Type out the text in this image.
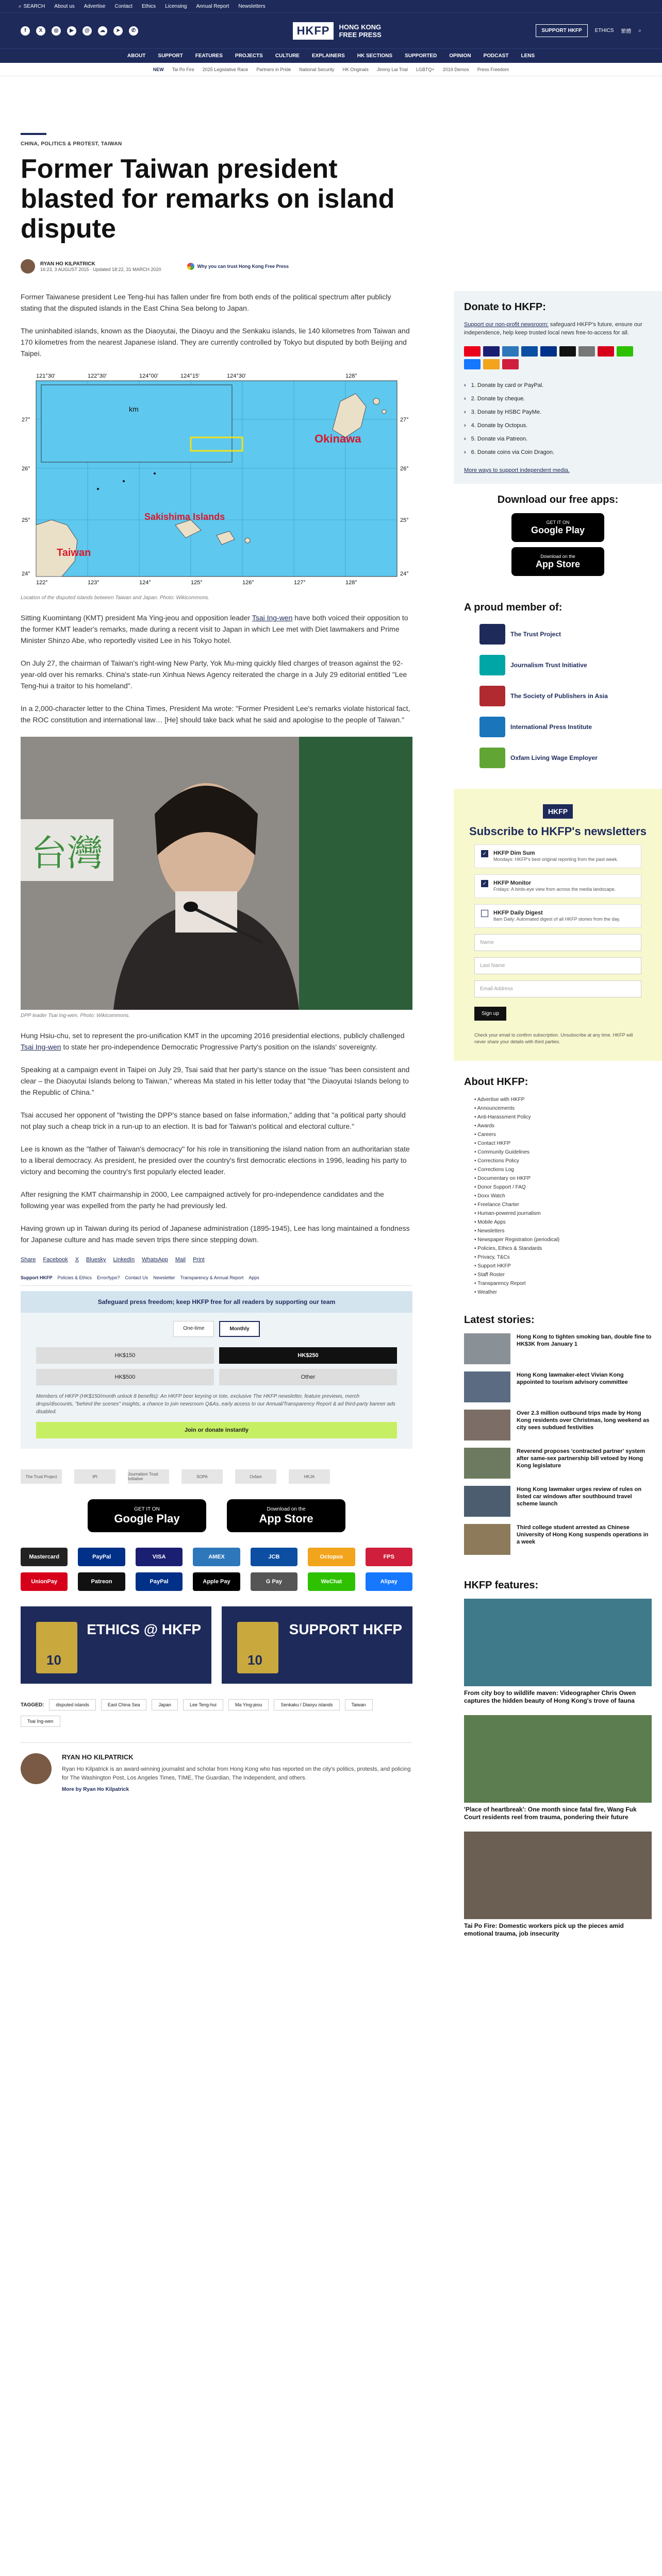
⌕ SEARCH About us Advertise Contact Ethics Licensing Annual Report Newsletters
f	X	◎	▶	@	☁	➤	✆	HKFP	HONG KONG
FREE PRESS	SUPPORT HKFP	ETHICS 繁體 ⌕
ABOUT SUPPORT FEATURES PROJECTS CULTURE EXPLAINERS HK SECTIONS SUPPORTED OPINION PODCAST LENS
NEW Tai Po Fire 2025 Legislative Race Partners in Pride National Security HK Originals Jimmy Lai Trial LGBTQ+ 2019 Demos Press Freedom
CHINA, POLITICS & PROTEST, TAIWAN
Former Taiwan president blasted for remarks on island dispute
RYAN HO KILPATRICK
16:23, 3 AUGUST 2015 · Updated 18:22, 31 MARCH 2020
Why you can trust Hong Kong Free Press

Former Taiwanese president Lee Teng-hui has fallen under fire from both ends of the political spectrum after publicly stating that the disputed islands in the East China Sea belong to Japan.

The uninhabited islands, known as the Diaoyutai, the Diaoyu and the Senkaku islands, lie 140 kilometres from Taiwan and 170 kilometres from the nearest Japanese island. They are currently controlled by Tokyo but disputed by both Beijing and Taipei.

Okinawa
Sakishima Islands
Taiwan
km
122°	123°	124°	125°	126°	127°	128°
121°30'	122°30'	124°00'	124°15'	124°30'	128°
27°
26°
25°
24°
27°
26°
25°
24°
Location of the disputed islands between Taiwan and Japan. Photo: Wikicommons.

Sitting Kuomintang (KMT) president Ma Ying-jeou and opposition leader Tsai Ing-wen have both voiced their opposition to the former KMT leader's remarks, made during a recent visit to Japan in which Lee met with Diet lawmakers and Prime Minister Shinzo Abe, who reportedly visited Lee in his Tokyo hotel.

On July 27, the chairman of Taiwan's right-wing New Party, Yok Mu-ming quickly filed charges of treason against the 92-year-old over his remarks. China's state-run Xinhua News Agency reiterated the charge in a July 29 editorial entitled "Lee Teng-hui a traitor to his homeland".

In a 2,000-character letter to the China Times, President Ma wrote: "Former President Lee's remarks violate historical fact, the ROC constitution and international law… [He] should take back what he said and apologise to the people of Taiwan."

台灣
DPP leader Tsai Ing-wen. Photo: Wikicommons.

Hung Hsiu-chu, set to represent the pro-unification KMT in the upcoming 2016 presidential elections, publicly challenged Tsai Ing-wen to state her pro-independence Democratic Progressive Party's position on the islands' sovereignty.

Speaking at a campaign event in Taipei on July 29, Tsai said that her party's stance on the issue "has been consistent and clear – the Diaoyutai Islands belong to Taiwan," whereas Ma stated in his letter today that "the Diaoyutai Islands belong to the Republic of China."

Tsai accused her opponent of "twisting the DPP's stance based on false information," adding that "a political party should not play such a cheap trick in a run-up to an election. It is bad for Taiwan's political and electoral culture."

Lee is known as the "father of Taiwan's democracy" for his role in transitioning the island nation from an authoritarian state to a liberal democracy. As president, he presided over the country's first democratic elections in 1996, leading his party to victory and becoming the country's first popularly elected leader.

After resigning the KMT chairmanship in 2000, Lee campaigned actively for pro-independence candidates and the following year was expelled from the party he had previously led.

Having grown up in Taiwan during its period of Japanese administration (1895-1945), Lee has long maintained a fondness for Japanese culture and has made seven trips there since stepping down.

Share Facebook X Bluesky LinkedIn WhatsApp Mail Print
Support HKFP Policies & Ethics Error/typo? Contact Us Newsletter Transparency & Annual Report Apps
Safeguard press freedom; keep HKFP free for all readers by supporting our team
One-time	Monthly
HK$150	HK$250
HK$500	Other
Members of HKFP (HK$150/month unlock 8 benefits): An HKFP beer keyring or tote, exclusive The HKFP newsletter, feature previews, merch drops/discounts, "behind the scenes" insights, a chance to join newsroom Q&As, early access to our Annual/Transparency Report & ad third-party banner ads disabled.
Join or donate instantly
The Trust Project	IPI	Journalism Trust Initiative	SOPA	Oxfam	HKJA
GET IT ON
Google Play
Download on the
App Store
Mastercard	PayPal	VISA	AMEX	JCB	Octopus	FPS
UnionPay	Patreon	PayPal	Apple Pay	G Pay	WeChat	Alipay
ETHICS @ HKFP
10
SUPPORT HKFP
10
TAGGED:	disputed islands	East China Sea	Japan	Lee Teng-hui	Ma Ying-jeou	Senkaku / Diaoyu islands	Taiwan
Tsai Ing-wen
RYAN HO KILPATRICK

Ryan Ho Kilpatrick is an award-winning journalist and scholar from Hong Kong who has reported on the city's politics, protests, and policing for The Washington Post, Los Angeles Times, TIME, The Guardian, The Independent, and others.

More by Ryan Ho Kilpatrick
Donate to HKFP:
Support our non-profit newsroom: safeguard HKFP's future, ensure our independence, help keep trusted local news free-to-access for all.
› 1. Donate by card or PayPal.
› 2. Donate by cheque.
› 3. Donate by HSBC PayMe.
› 4. Donate by Octopus.
› 5. Donate via Patreon.
› 6. Donate coins via Coin Dragon.
More ways to support independent media.
Download our free apps:
GET IT ON
Google Play
Download on the
App Store
A proud member of:
The Trust Project
Journalism Trust Initiative
The Society of Publishers in Asia
International Press Institute
Oxfam Living Wage Employer
HKFP
Subscribe to HKFP's newsletters
✓ HKFP Dim Sum
Mondays: HKFP's best original reporting from the past week.
✓ HKFP Monitor
Fridays: A birds-eye view from across the media landscape.
HKFP Daily Digest
8am Daily: Automated digest of all HKFP stories from the day.
Name
Last Name
Email Address
Sign up
Check your email to confirm subscription. Unsubscribe at any time. HKFP will never share your details with third parties.
About HKFP:
• Advertise with HKFP
• Announcements
• Anti-Harassment Policy
• Awards
• Careers
• Contact HKFP
• Community Guidelines
• Corrections Policy
• Corrections Log
• Documentary on HKFP
• Donor Support / FAQ
• Doxx Watch
• Freelance Charter
• Human-powered journalism
• Mobile Apps
• Newsletters
• Newspaper Registration (periodical)
• Policies, Ethics & Standards
• Privacy, T&Cs
• Support HKFP
• Staff Roster
• Transparency Report
• Weather
Latest stories:
Hong Kong to tighten smoking ban, double fine to HK$3K from January 1
Hong Kong lawmaker-elect Vivian Kong appointed to tourism advisory committee
Over 2.3 million outbound trips made by Hong Kong residents over Christmas, long weekend as city sees subdued festivities
Reverend proposes 'contracted partner' system after same-sex partnership bill vetoed by Hong Kong legislature
Hong Kong lawmaker urges review of rules on listed car windows after southbound travel scheme launch
Third college student arrested as Chinese University of Hong Kong suspends operations in a week
HKFP features:
From city boy to wildlife maven: Videographer Chris Owen captures the hidden beauty of Hong Kong's trove of fauna
'Place of heartbreak': One month since fatal fire, Wang Fuk Court residents reel from trauma, pondering their future
Tai Po Fire: Domestic workers pick up the pieces amid emotional trauma, job insecurity
